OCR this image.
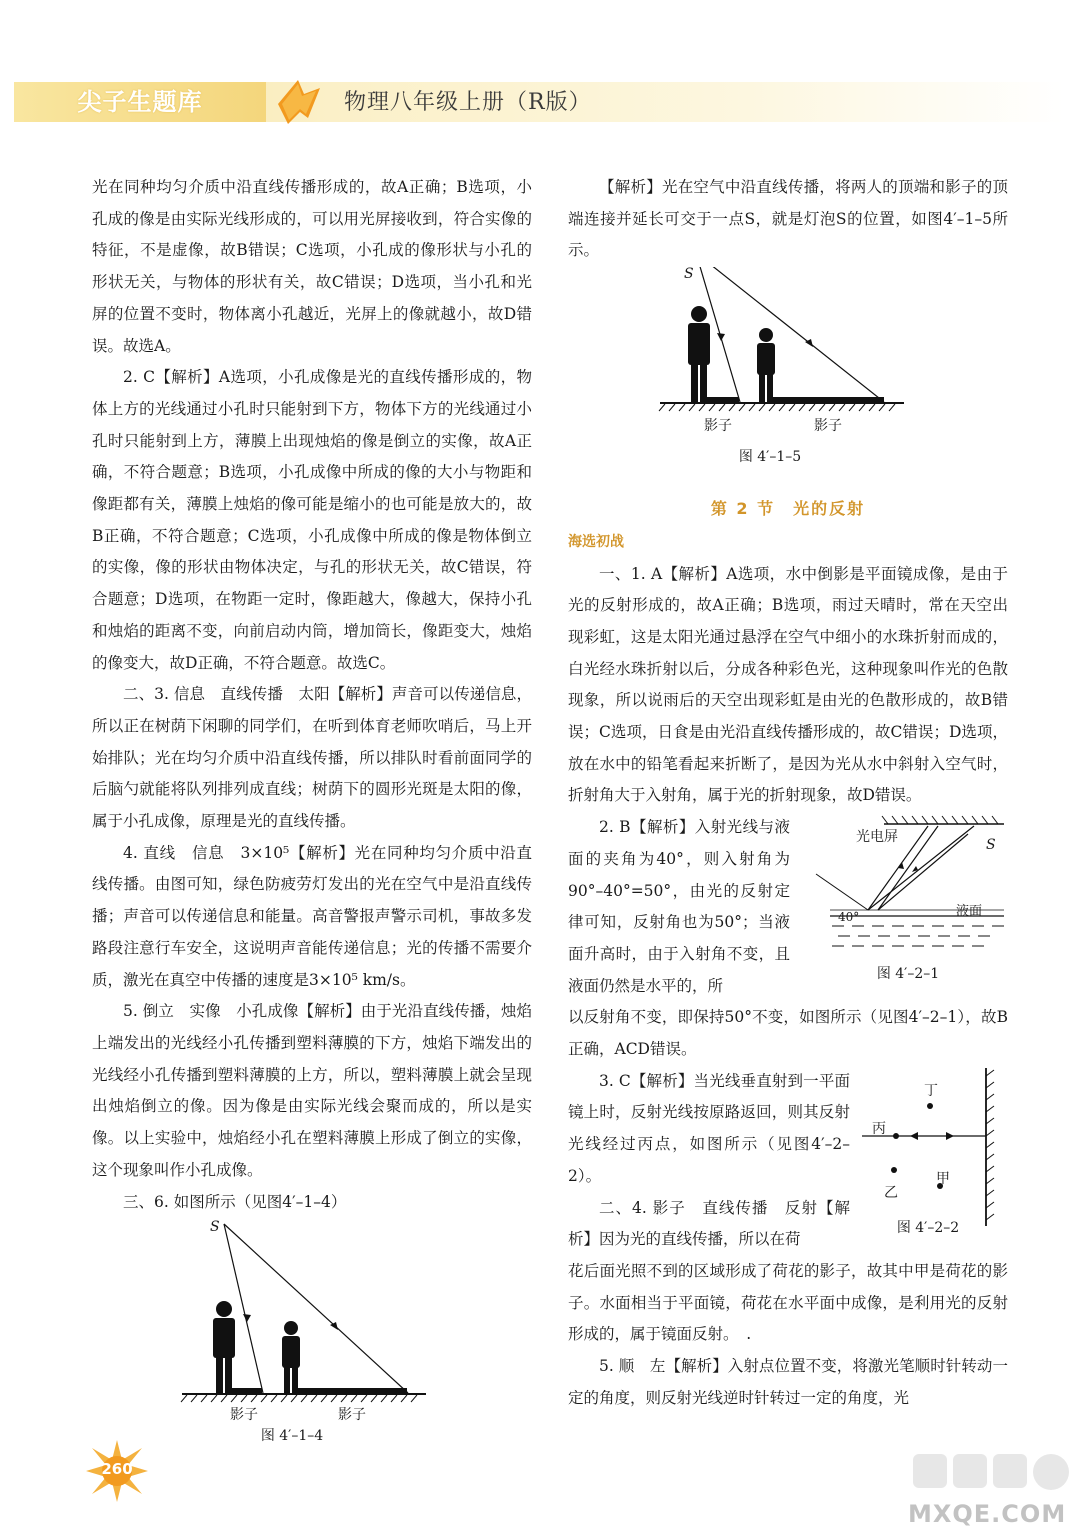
尖子生题库	物理八年级上册（R版）

光在同种均匀介质中沿直线传播形成的，故A正确；B选项，小孔成的像是由实际光线形成的，可以用光屏接收到，符合实像的特征，不是虚像，故B错误；C选项，小孔成的像形状与小孔的形状无关，与物体的形状有关，故C错误；D选项，当小孔和光屏的位置不变时，物体离小孔越近，光屏上的像就越小，故D错误。故选A。

2. C【解析】A选项，小孔成像是光的直线传播形成的，物体上方的光线通过小孔时只能射到下方，物体下方的光线通过小孔时只能射到上方，薄膜上出现烛焰的像是倒立的实像，故A正确，不符合题意；B选项，小孔成像中所成的像的大小与物距和像距都有关，薄膜上烛焰的像可能是缩小的也可能是放大的，故B正确，不符合题意；C选项，小孔成像中所成的像是物体倒立的实像，像的形状由物体决定，与孔的形状无关，故C错误，符合题意；D选项，在物距一定时，像距越大，像越大，保持小孔和烛焰的距离不变，向前启动内筒，增加筒长，像距变大，烛焰的像变大，故D正确，不符合题意。故选C。

二、3. 信息　直线传播　太阳【解析】声音可以传递信息，所以正在树荫下闲聊的同学们，在听到体育老师吹哨后，马上开始排队；光在均匀介质中沿直线传播，所以排队时看前面同学的后脑勺就能将队列排列成直线；树荫下的圆形光斑是太阳的像，属于小孔成像，原理是光的直线传播。

4. 直线　信息　3×10⁵【解析】光在同种均匀介质中沿直线传播。由图可知，绿色防疲劳灯发出的光在空气中是沿直线传播；声音可以传递信息和能量。高音警报声警示司机，事故多发路段注意行车安全，这说明声音能传递信息；光的传播不需要介质，激光在真空中传播的速度是3×10⁵ km/s。

5. 倒立　实像　小孔成像【解析】由于光沿直线传播，烛焰上端发出的光线经小孔传播到塑料薄膜的下方，烛焰下端发出的光线经小孔传播到塑料薄膜的上方，所以，塑料薄膜上就会呈现出烛焰倒立的像。因为像是由实际光线会聚而成的，所以是实像。以上实验中，烛焰经小孔在塑料薄膜上形成了倒立的实像，这个现象叫作小孔成像。

三、6. 如图所示（见图4′–1–4）

S
影子	影子
图 4′–1–4

【解析】光在空气中沿直线传播，将两人的顶端和影子的顶端连接并延长可交于一点S，就是灯泡S的位置，如图4′–1–5所示。

S
影子	影子
图 4′–1–5
第 2 节　光的反射
海选初战

一、1. A【解析】A选项，水中倒影是平面镜成像，是由于光的反射形成的，故A正确；B选项，雨过天晴时，常在天空出现彩虹，这是太阳光通过悬浮在空气中细小的水珠折射而成的，白光经水珠折射以后，分成各种彩色光，这种现象叫作光的色散现象，所以说雨后的天空出现彩虹是由光的色散形成的，故B错误；C选项，日食是由光沿直线传播形成的，故C错误；D选项，放在水中的铅笔看起来折断了，是因为光从水中斜射入空气时，折射角大于入射角，属于光的折射现象，故D错误。

2. B【解析】入射光线与液面的夹角为40°，则入射角为90°–40°=50°，由光的反射定律可知，反射角也为50°；当液面升高时，由于入射角不变，且液面仍然是水平的，所

光电屏	S
40°	液面
图 4′–2–1

以反射角不变，即保持50°不变，如图所示（见图4′–2–1），故B正确，ACD错误。

3. C【解析】当光线垂直射到一平面镜上时，反射光线按原路返回，则其反射光线经过丙点，如图所示（见图4′–2–2）。

二、4. 影子　直线传播　反射【解析】因为光的直线传播，所以在荷

丁
丙
乙
甲
图 4′–2–2

花后面光照不到的区域形成了荷花的影子，故其中甲是荷花的影子。水面相当于平面镜，荷花在水平面中成像，是利用光的反射形成的，属于镜面反射。　.

5. 顺　左【解析】入射点位置不变，将激光笔顺时针转动一定的角度，则反射光线逆时针转过一定的角度，光

260
MXQE.COM
